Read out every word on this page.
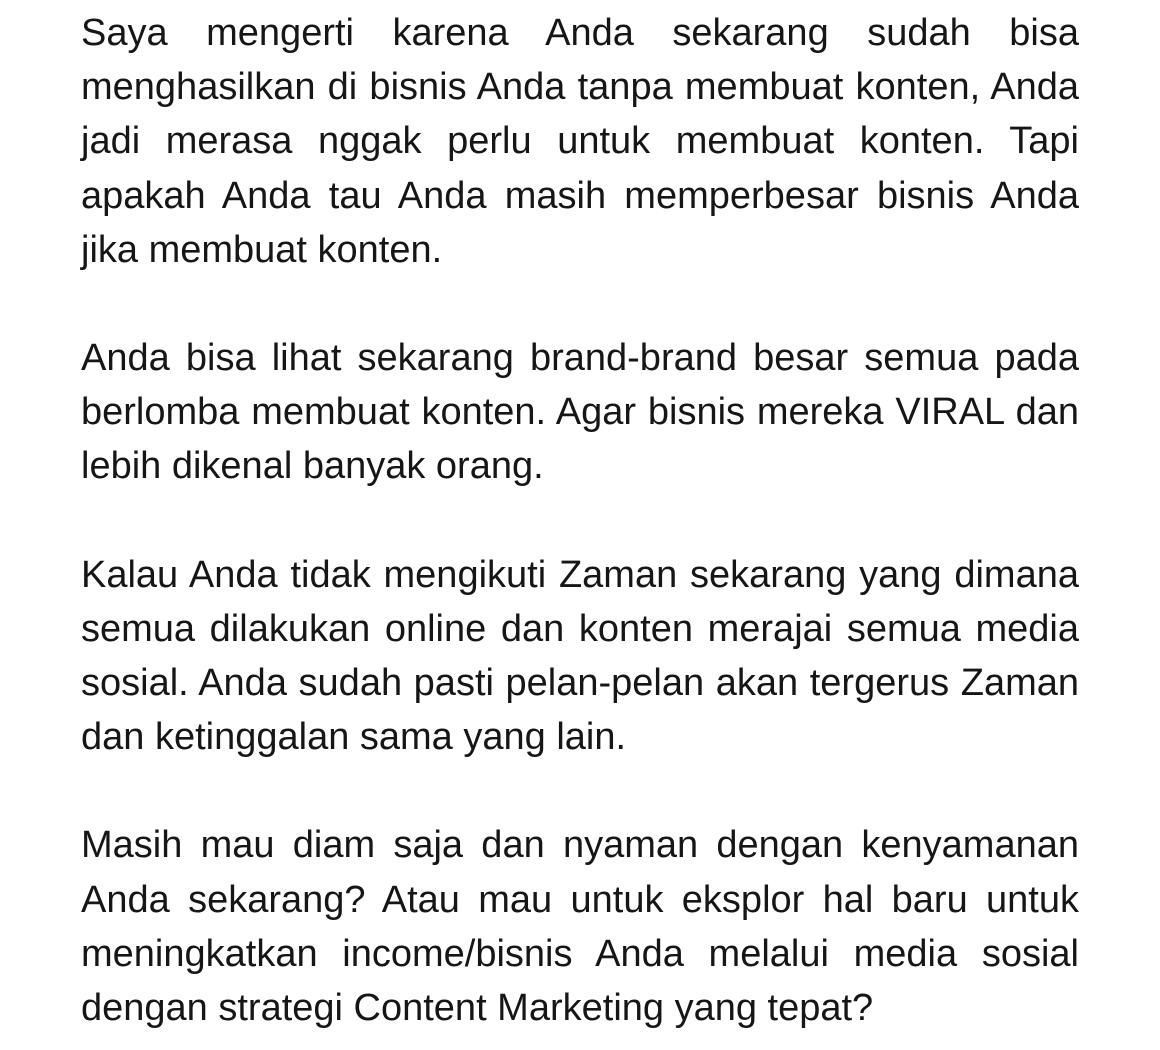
Saya mengerti karena Anda sekarang sudah bisa menghasilkan di bisnis Anda tanpa membuat konten, Anda jadi merasa nggak perlu untuk membuat konten. Tapi apakah Anda tau Anda masih memperbesar bisnis Anda jika membuat konten.

Anda bisa lihat sekarang brand-brand besar semua pada berlomba membuat konten. Agar bisnis mereka VIRAL dan lebih dikenal banyak orang.

Kalau Anda tidak mengikuti Zaman sekarang yang dimana semua dilakukan online dan konten merajai semua media sosial. Anda sudah pasti pelan-pelan akan tergerus Zaman dan ketinggalan sama yang lain.

Masih mau diam saja dan nyaman dengan kenyamanan Anda sekarang? Atau mau untuk eksplor hal baru untuk meningkatkan income/bisnis Anda melalui media sosial dengan strategi Content Marketing yang tepat?
